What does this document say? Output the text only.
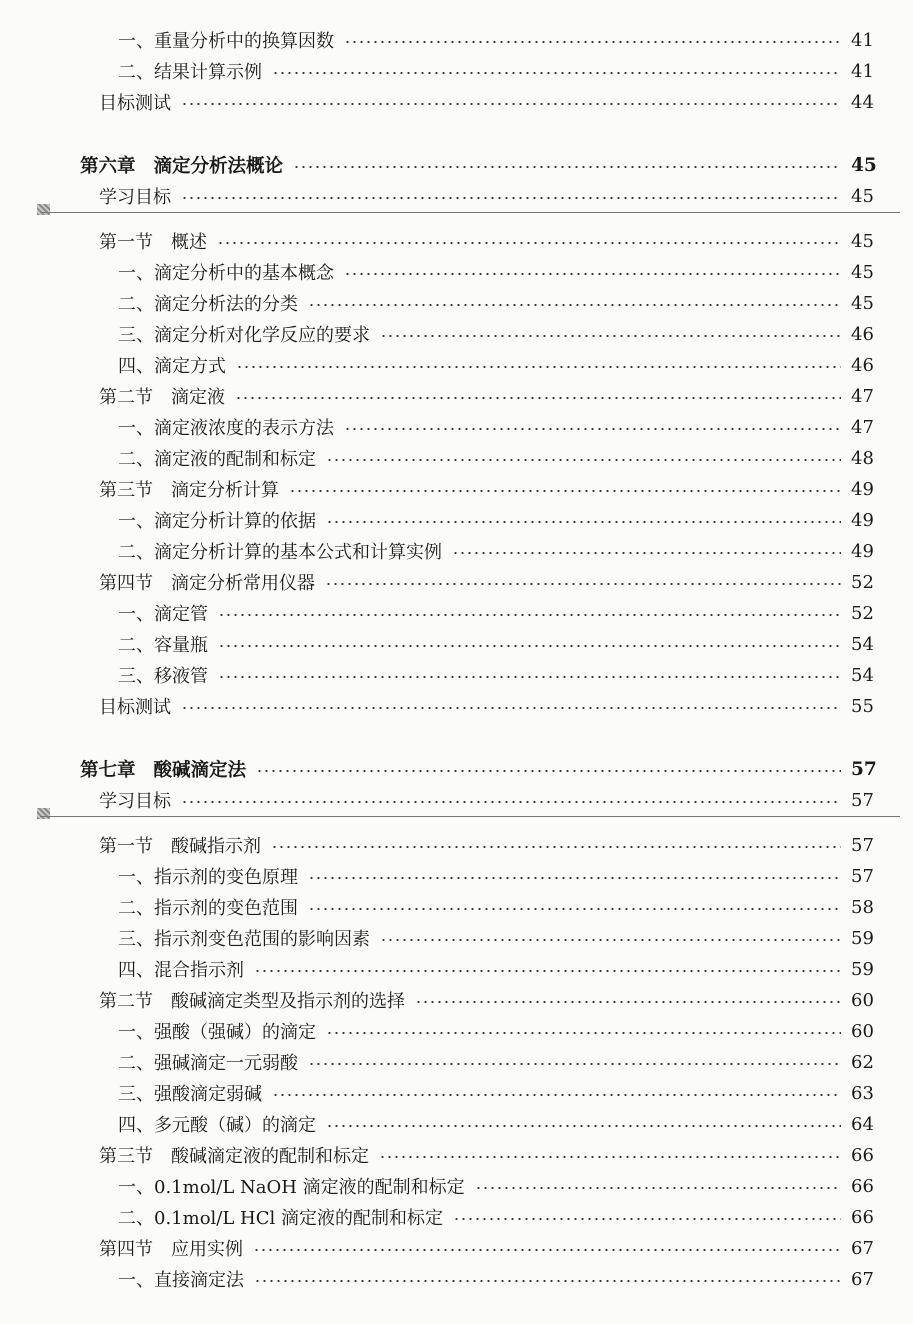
一、重量分析中的换算因数	41
二、结果计算示例	41
目标测试	44
第六章 滴定分析法概论	45
学习目标	45
第一节 概述	45
一、滴定分析中的基本概念	45
二、滴定分析法的分类	45
三、滴定分析对化学反应的要求	46
四、滴定方式	46
第二节 滴定液	47
一、滴定液浓度的表示方法	47
二、滴定液的配制和标定	48
第三节 滴定分析计算	49
一、滴定分析计算的依据	49
二、滴定分析计算的基本公式和计算实例	49
第四节 滴定分析常用仪器	52
一、滴定管	52
二、容量瓶	54
三、移液管	54
目标测试	55
第七章 酸碱滴定法	57
学习目标	57
第一节 酸碱指示剂	57
一、指示剂的变色原理	57
二、指示剂的变色范围	58
三、指示剂变色范围的影响因素	59
四、混合指示剂	59
第二节 酸碱滴定类型及指示剂的选择	60
一、强酸（强碱）的滴定	60
二、强碱滴定一元弱酸	62
三、强酸滴定弱碱	63
四、多元酸（碱）的滴定	64
第三节 酸碱滴定液的配制和标定	66
一、0.1mol/L NaOH 滴定液的配制和标定	66
二、0.1mol/L HCl 滴定液的配制和标定	66
第四节 应用实例	67
一、直接滴定法	67
